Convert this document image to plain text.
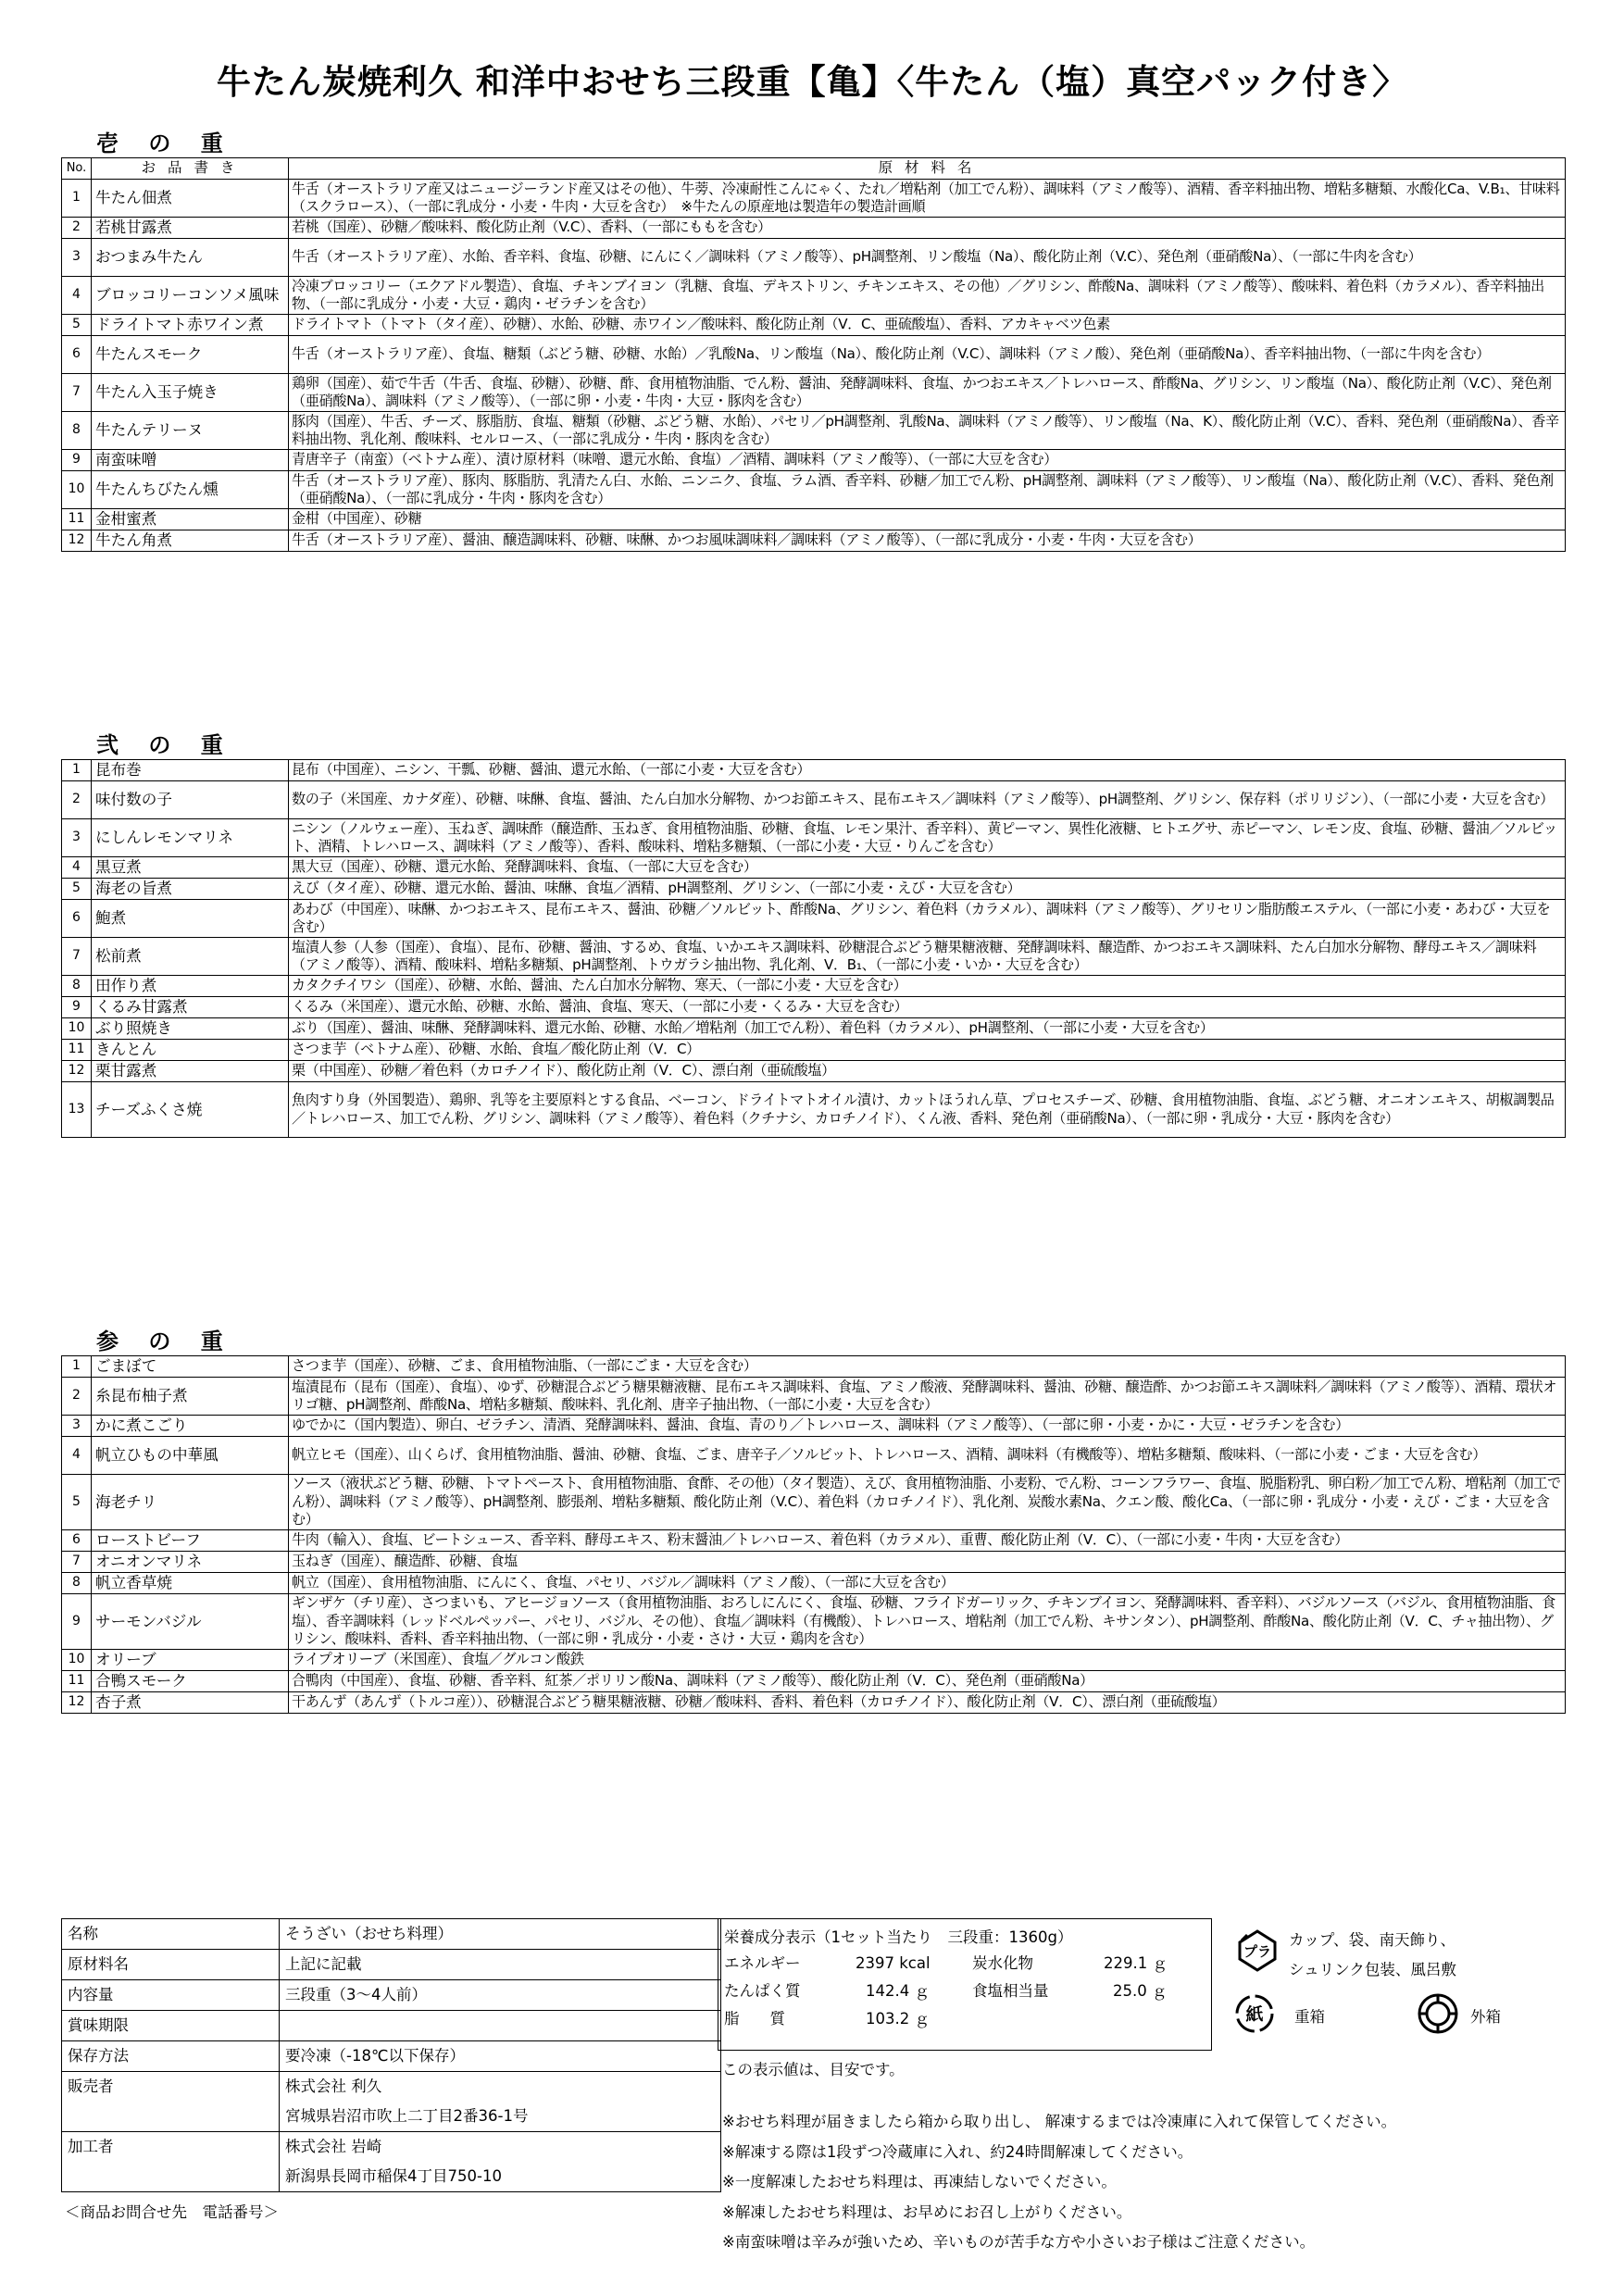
牛たん炭焼利久 和洋中おせち三段重【亀】〈牛たん（塩）真空パック付き〉
壱 の 重
No.	お 品 書 き	原 材 料 名
1	牛たん佃煮	牛舌（オーストラリア産又はニュージーランド産又はその他）、牛蒡、冷凍耐性こんにゃく、たれ／増粘剤（加工でん粉）、調味料（アミノ酸等）、酒精、香辛料抽出物、増粘多糖類、水酸化Ca、V.B₁、甘味料（スクラロース）、（一部に乳成分・小麦・牛肉・大豆を含む）　※牛たんの原産地は製造年の製造計画順
2	若桃甘露煮	若桃（国産）、砂糖／酸味料、酸化防止剤（V.C）、香料、（一部にももを含む）
3	おつまみ牛たん	牛舌（オーストラリア産）、水飴、香辛料、食塩、砂糖、にんにく／調味料（アミノ酸等）、pH調整剤、リン酸塩（Na）、酸化防止剤（V.C）、発色剤（亜硝酸Na）、（一部に牛肉を含む）
4	ブロッコリーコンソメ風味	冷凍ブロッコリー（エクアドル製造）、食塩、チキンブイヨン（乳糖、食塩、デキストリン、チキンエキス、その他）／グリシン、酢酸Na、調味料（アミノ酸等）、酸味料、着色料（カラメル）、香辛料抽出物、（一部に乳成分・小麦・大豆・鶏肉・ゼラチンを含む）
5	ドライトマト赤ワイン煮	ドライトマト（トマト（タイ産）、砂糖）、水飴、砂糖、赤ワイン／酸味料、酸化防止剤（V．C、亜硫酸塩）、香料、アカキャベツ色素
6	牛たんスモーク	牛舌（オーストラリア産）、食塩、糖類（ぶどう糖、砂糖、水飴）／乳酸Na、リン酸塩（Na）、酸化防止剤（V.C）、調味料（アミノ酸）、発色剤（亜硝酸Na）、香辛料抽出物、（一部に牛肉を含む）
7	牛たん入玉子焼き	鶏卵（国産）、茹で牛舌（牛舌、食塩、砂糖）、砂糖、酢、食用植物油脂、でん粉、醤油、発酵調味料、食塩、かつおエキス／トレハロース、酢酸Na、グリシン、リン酸塩（Na）、酸化防止剤（V.C）、発色剤（亜硝酸Na）、調味料（アミノ酸等）、（一部に卵・小麦・牛肉・大豆・豚肉を含む）
8	牛たんテリーヌ	豚肉（国産）、牛舌、チーズ、豚脂肪、食塩、糖類（砂糖、ぶどう糖、水飴）、パセリ／pH調整剤、乳酸Na、調味料（アミノ酸等）、リン酸塩（Na、K）、酸化防止剤（V.C）、香料、発色剤（亜硝酸Na）、香辛料抽出物、乳化剤、酸味料、セルロース、（一部に乳成分・牛肉・豚肉を含む）
9	南蛮味噌	青唐辛子（南蛮）（ベトナム産）、漬け原材料（味噌、還元水飴、食塩）／酒精、調味料（アミノ酸等）、（一部に大豆を含む）
10	牛たんちびたん燻	牛舌（オーストラリア産）、豚肉、豚脂肪、乳清たん白、水飴、ニンニク、食塩、ラム酒、香辛料、砂糖／加工でん粉、pH調整剤、調味料（アミノ酸等）、リン酸塩（Na）、酸化防止剤（V.C）、香料、発色剤（亜硝酸Na）、（一部に乳成分・牛肉・豚肉を含む）
11	金柑蜜煮	金柑（中国産）、砂糖
12	牛たん角煮	牛舌（オーストラリア産）、醤油、醸造調味料、砂糖、味醂、かつお風味調味料／調味料（アミノ酸等）、（一部に乳成分・小麦・牛肉・大豆を含む）
弐 の 重
1	昆布巻	昆布（中国産）、ニシン、干瓢、砂糖、醤油、還元水飴、（一部に小麦・大豆を含む）
2	味付数の子	数の子（米国産、カナダ産）、砂糖、味醂、食塩、醤油、たん白加水分解物、かつお節エキス、昆布エキス／調味料（アミノ酸等）、pH調整剤、グリシン、保存料（ポリリジン）、（一部に小麦・大豆を含む）
3	にしんレモンマリネ	ニシン（ノルウェー産）、玉ねぎ、調味酢（醸造酢、玉ねぎ、食用植物油脂、砂糖、食塩、レモン果汁、香辛料）、黄ピーマン、異性化液糖、ヒトエグサ、赤ピーマン、レモン皮、食塩、砂糖、醤油／ソルビット、酒精、トレハロース、調味料（アミノ酸等）、香料、酸味料、増粘多糖類、（一部に小麦・大豆・りんごを含む）
4	黒豆煮	黒大豆（国産）、砂糖、還元水飴、発酵調味料、食塩、（一部に大豆を含む）
5	海老の旨煮	えび（タイ産）、砂糖、還元水飴、醤油、味醂、食塩／酒精、pH調整剤、グリシン、（一部に小麦・えび・大豆を含む）
6	鮑煮	あわび（中国産）、味醂、かつおエキス、昆布エキス、醤油、砂糖／ソルビット、酢酸Na、グリシン、着色料（カラメル）、調味料（アミノ酸等）、グリセリン脂肪酸エステル、（一部に小麦・あわび・大豆を含む）
7	松前煮	塩漬人参（人参（国産）、食塩）、昆布、砂糖、醤油、するめ、食塩、いかエキス調味料、砂糖混合ぶどう糖果糖液糖、発酵調味料、醸造酢、かつおエキス調味料、たん白加水分解物、酵母エキス／調味料（アミノ酸等）、酒精、酸味料、増粘多糖類、pH調整剤、トウガラシ抽出物、乳化剤、V．B₁、（一部に小麦・いか・大豆を含む）
8	田作り煮	カタクチイワシ（国産）、砂糖、水飴、醤油、たん白加水分解物、寒天、（一部に小麦・大豆を含む）
9	くるみ甘露煮	くるみ（米国産）、還元水飴、砂糖、水飴、醤油、食塩、寒天、（一部に小麦・くるみ・大豆を含む）
10	ぶり照焼き	ぶり（国産）、醤油、味醂、発酵調味料、還元水飴、砂糖、水飴／増粘剤（加工でん粉）、着色料（カラメル）、pH調整剤、（一部に小麦・大豆を含む）
11	きんとん	さつま芋（ベトナム産）、砂糖、水飴、食塩／酸化防止剤（V．C）
12	栗甘露煮	栗（中国産）、砂糖／着色料（カロチノイド）、酸化防止剤（V．C）、漂白剤（亜硫酸塩）
13	チーズふくさ焼	魚肉すり身（外国製造）、鶏卵、乳等を主要原料とする食品、ベーコン、ドライトマトオイル漬け、カットほうれん草、プロセスチーズ、砂糖、食用植物油脂、食塩、ぶどう糖、オニオンエキス、胡椒調製品／トレハロース、加工でん粉、グリシン、調味料（アミノ酸等）、着色料（クチナシ、カロチノイド）、くん液、香料、発色剤（亜硝酸Na）、（一部に卵・乳成分・大豆・豚肉を含む）
参 の 重
1	ごまぼて	さつま芋（国産）、砂糖、ごま、食用植物油脂、（一部にごま・大豆を含む）
2	糸昆布柚子煮	塩漬昆布（昆布（国産）、食塩）、ゆず、砂糖混合ぶどう糖果糖液糖、昆布エキス調味料、食塩、アミノ酸液、発酵調味料、醤油、砂糖、醸造酢、かつお節エキス調味料／調味料（アミノ酸等）、酒精、環状オリゴ糖、pH調整剤、酢酸Na、増粘多糖類、酸味料、乳化剤、唐辛子抽出物、（一部に小麦・大豆を含む）
3	かに煮こごり	ゆでかに（国内製造）、卵白、ゼラチン、清酒、発酵調味料、醤油、食塩、青のり／トレハロース、調味料（アミノ酸等）、（一部に卵・小麦・かに・大豆・ゼラチンを含む）
4	帆立ひもの中華風	帆立ヒモ（国産）、山くらげ、食用植物油脂、醤油、砂糖、食塩、ごま、唐辛子／ソルビット、トレハロース、酒精、調味料（有機酸等）、増粘多糖類、酸味料、（一部に小麦・ごま・大豆を含む）
5	海老チリ	ソース（液状ぶどう糖、砂糖、トマトペースト、食用植物油脂、食酢、その他）（タイ製造）、えび、食用植物油脂、小麦粉、でん粉、コーンフラワー、食塩、脱脂粉乳、卵白粉／加工でん粉、増粘剤（加工でん粉）、調味料（アミノ酸等）、pH調整剤、膨張剤、増粘多糖類、酸化防止剤（V.C）、着色料（カロチノイド）、乳化剤、炭酸水素Na、クエン酸、酸化Ca、（一部に卵・乳成分・小麦・えび・ごま・大豆を含む）
6	ローストビーフ	牛肉（輸入）、食塩、ビートシュース、香辛料、酵母エキス、粉末醤油／トレハロース、着色料（カラメル）、重曹、酸化防止剤（V．C）、（一部に小麦・牛肉・大豆を含む）
7	オニオンマリネ	玉ねぎ（国産）、醸造酢、砂糖、食塩
8	帆立香草焼	帆立（国産）、食用植物油脂、にんにく、食塩、パセリ、バジル／調味料（アミノ酸）、（一部に大豆を含む）
9	サーモンバジル	ギンザケ（チリ産）、さつまいも、アヒージョソース（食用植物油脂、おろしにんにく、食塩、砂糖、フライドガーリック、チキンブイヨン、発酵調味料、香辛料）、バジルソース（バジル、食用植物油脂、食塩）、香辛調味料（レッドベルペッパー、パセリ、バジル、その他）、食塩／調味料（有機酸）、トレハロース、増粘剤（加工でん粉、キサンタン）、pH調整剤、酢酸Na、酸化防止剤（V．C、チャ抽出物）、グリシン、酸味料、香料、香辛料抽出物、（一部に卵・乳成分・小麦・さけ・大豆・鶏肉を含む）
10	オリーブ	ライプオリーブ（米国産）、食塩／グルコン酸鉄
11	合鴨スモーク	合鴨肉（中国産）、食塩、砂糖、香辛料、紅茶／ポリリン酸Na、調味料（アミノ酸等）、酸化防止剤（V．C）、発色剤（亜硝酸Na）
12	杏子煮	干あんず（あんず（トルコ産））、砂糖混合ぶどう糖果糖液糖、砂糖／酸味料、香料、着色料（カロチノイド）、酸化防止剤（V．C）、漂白剤（亜硫酸塩）
名称	そうざい（おせち料理）
原材料名	上記に記載
内容量	三段重（3～4人前）
賞味期限	
保存方法	要冷凍（-18℃以下保存）
販売者	株式会社 利久
	宮城県岩沼市吹上二丁目2番36-1号
加工者	株式会社 岩崎
	新潟県長岡市稲保4丁目750-10
＜商品お問合せ先　電話番号＞
栄養成分表示（1セット当たり　三段重：1360g）
エネルギー	2397 kcal	炭水化物	229.1 ｇ
たんぱく質	142.4 ｇ	食塩相当量	25.0 ｇ
脂　　質	103.2 ｇ
この表示値は、目安です。
プラ
カップ、袋、南天飾り、
シュリンク包装、風呂敷
紙 重箱	外箱
※おせち料理が届きましたら箱から取り出し、 解凍するまでは冷凍庫に入れて保管してください。
※解凍する際は1段ずつ冷蔵庫に入れ、約24時間解凍してください。
※一度解凍したおせち料理は、再凍結しないでください。
※解凍したおせち料理は、お早めにお召し上がりください。
※南蛮味噌は辛みが強いため、辛いものが苦手な方や小さいお子様はご注意ください。
